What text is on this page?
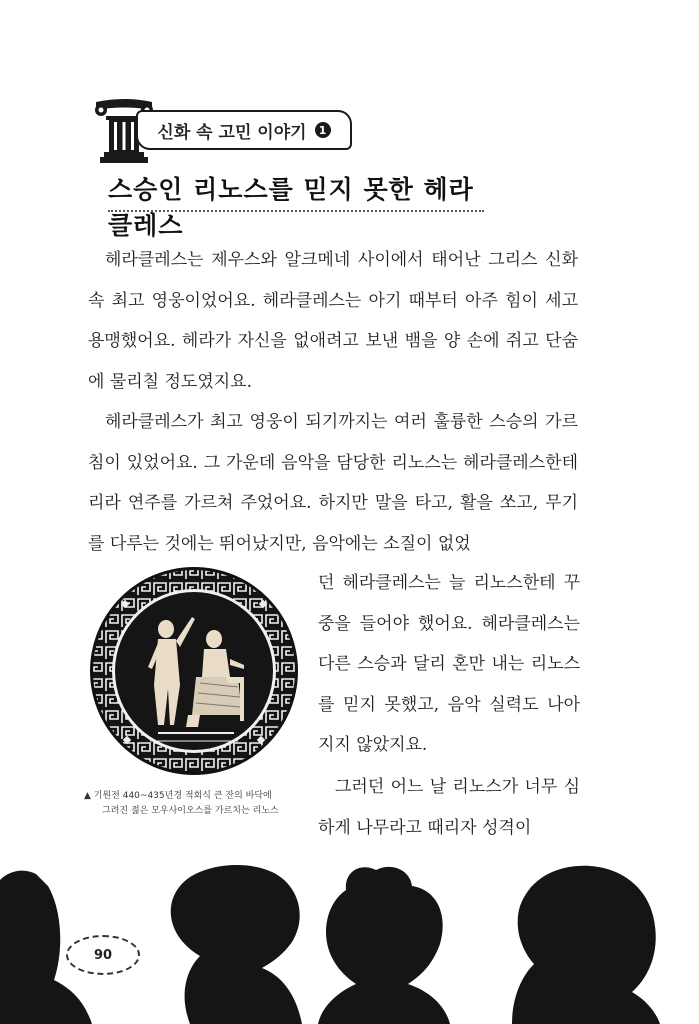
신화 속 고민 이야기	1
스승인 리노스를 믿지 못한 헤라클레스

헤라클레스는 제우스와 알크메네 사이에서 태어난 그리스 신화 속 최고 영웅이었어요. 헤라클레스는 아기 때부터 아주 힘이 세고 용맹했어요. 헤라가 자신을 없애려고 보낸 뱀을 양 손에 쥐고 단숨에 물리칠 정도였지요.

헤라클레스가 최고 영웅이 되기까지는 여러 훌륭한 스승의 가르침이 있었어요. 그 가운데 음악을 담당한 리노스는 헤라클레스한테 리라 연주를 가르쳐 주었어요. 하지만 말을 타고, 활을 쏘고, 무기를 다루는 것에는 뛰어났지만, 음악에는 소질이 없었

던 헤라클레스는 늘 리노스한테 꾸중을 들어야 했어요. 헤라클레스는 다른 스승과 달리 혼만 내는 리노스를 믿지 못했고, 음악 실력도 나아지지 않았지요.

그러던 어느 날 리노스가 너무 심하게 나무라고 때리자 성격이

▲ 기원전 440~435년경 적회식 큰 잔의 바닥에
그려진 젊은 모우사이오스를 가르치는 리노스

90
